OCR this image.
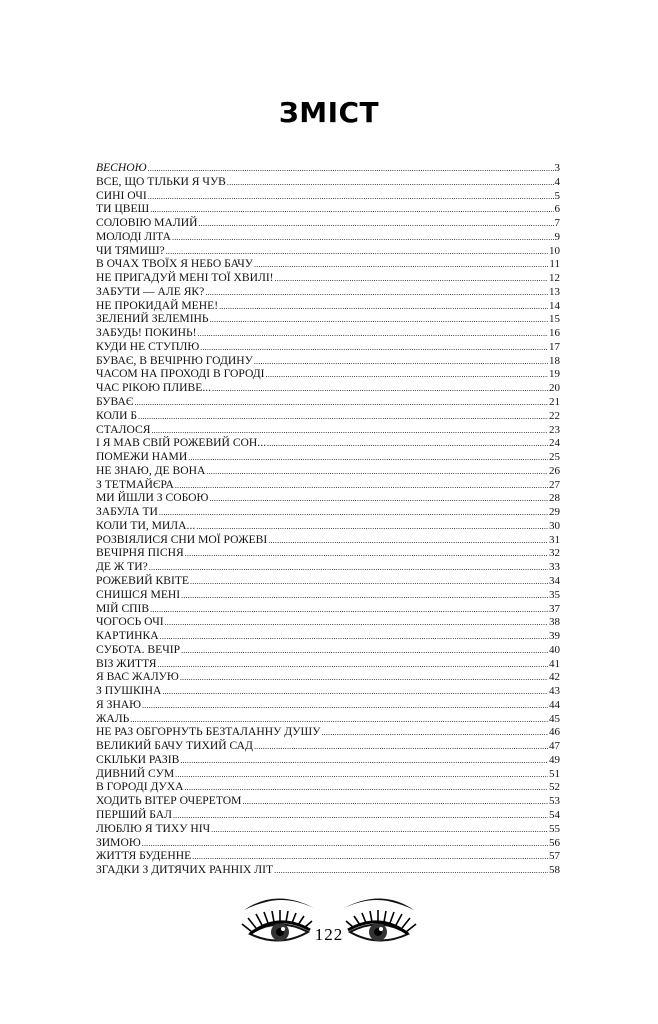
ЗМІСТ
ВЕСНОЮ .....	3
ВСЕ, ЩО ТІЛЬКИ Я ЧУВ .....	4
СИНІ ОЧІ .....	5
ТИ ЦВЕШ .....	6
СОЛОВІЮ МАЛИЙ .....	7
МОЛОДІ ЛІТА .....	9
ЧИ ТЯМИШ? .....	10
В ОЧАХ ТВОЇХ Я НЕБО БАЧУ .....	11
НЕ ПРИГАДУЙ МЕНІ ТОЇ ХВИЛІ! .....	12
ЗАБУТИ — АЛЕ ЯК? .....	13
НЕ ПРОКИДАЙ МЕНЕ! .....	14
ЗЕЛЕНИЙ ЗЕЛЕМІНЬ .....	15
ЗАБУДЬ! ПОКИНЬ! .....	16
КУДИ НЕ СТУПЛЮ .....	17
БУВАЄ, В ВЕЧІРНЮ ГОДИНУ .....	18
ЧАСОМ НА ПРОХОДІ В ГОРОДІ .....	19
ЧАС РІКОЮ ПЛИВЕ... .....	20
БУВАЄ .....	21
КОЛИ Б .....	22
СТАЛОСЯ .....	23
І Я МАВ СВІЙ РОЖЕВИЙ СОН... .....	24
ПОМЕЖИ НАМИ .....	25
НЕ ЗНАЮ, ДЕ ВОНА .....	26
З ТЕТМАЙЄРА .....	27
МИ ЙШЛИ З СОБОЮ .....	28
ЗАБУЛА ТИ .....	29
КОЛИ ТИ, МИЛА... .....	30
РОЗВІЯЛИСЯ СНИ МОЇ РОЖЕВІ .....	31
ВЕЧІРНЯ ПІСНЯ .....	32
ДЕ Ж ТИ? .....	33
РОЖЕВИЙ КВІТЕ .....	34
СНИШСЯ МЕНІ .....	35
МІЙ СПІВ .....	37
ЧОГОСЬ ОЧІ .....	38
КАРТИНКА .....	39
СУБОТА. ВЕЧІР .....	40
ВІЗ ЖИТТЯ .....	41
Я ВАС ЖАЛУЮ .....	42
З ПУШКІНА .....	43
Я ЗНАЮ .....	44
ЖАЛЬ .....	45
НЕ РАЗ ОБГОРНУТЬ БЕЗТАЛАННУ ДУШУ .....	46
ВЕЛИКИЙ БАЧУ ТИХИЙ САД .....	47
СКІЛЬКИ РАЗІВ .....	49
ДИВНИЙ СУМ .....	51
В ГОРОДІ ДУХА .....	52
ХОДИТЬ ВІТЕР ОЧЕРЕТОМ .....	53
ПЕРШИЙ БАЛ .....	54
ЛЮБЛЮ Я ТИХУ НІЧ .....	55
ЗИМОЮ .....	56
ЖИТТЯ БУДЕННЕ .....	57
ЗГАДКИ З ДИТЯЧИХ РАННІХ ЛІТ .....	58
122
